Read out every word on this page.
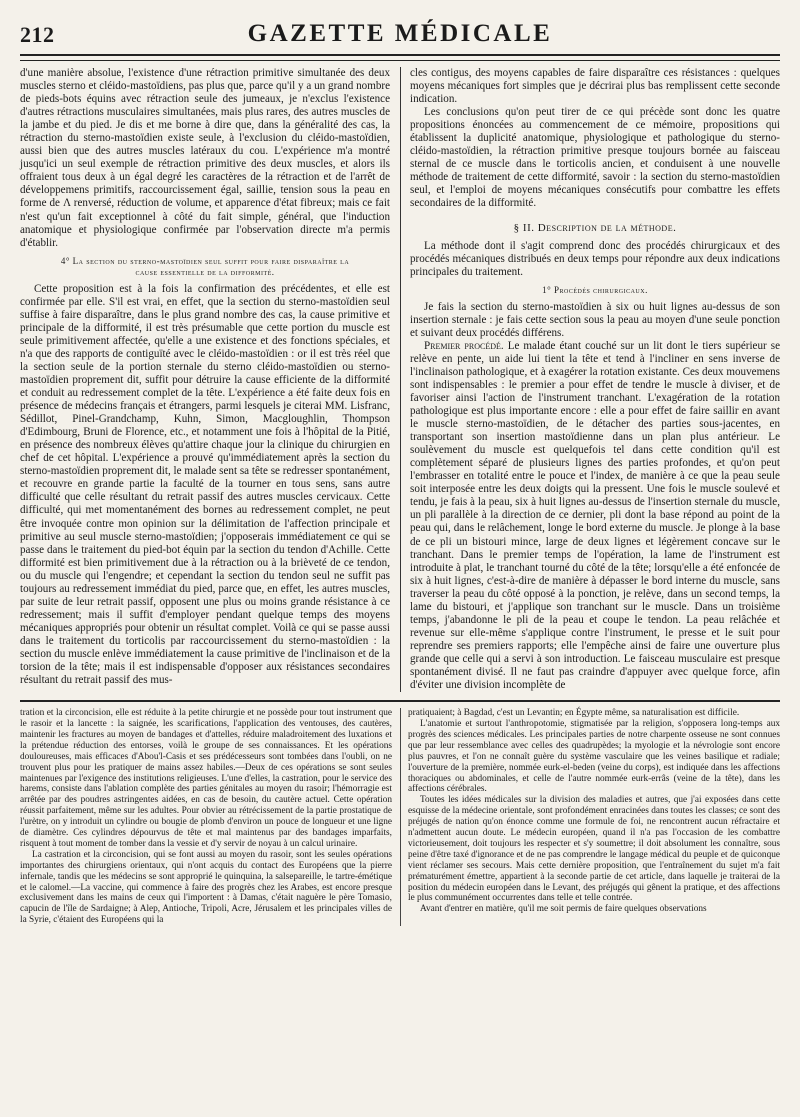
212	GAZETTE MÉDICALE

d'une manière absolue, l'existence d'une rétraction primitive simultanée des deux muscles sterno et cléido-mastoïdiens, pas plus que, parce qu'il y a un grand nombre de pieds-bots équins avec rétraction seule des jumeaux, je n'exclus l'existence d'autres rétractions musculaires simultanées, mais plus rares, des autres muscles de la jambe et du pied. Je dis et me borne à dire que, dans la généralité des cas, la rétraction du sterno-mastoïdien existe seule, à l'exclusion du cléido-mastoïdien, aussi bien que des autres muscles latéraux du cou. L'expérience m'a montré jusqu'ici un seul exemple de rétraction primitive des deux muscles, et alors ils offraient tous deux à un égal degré les caractères de la rétraction et de l'arrêt de développemens primitifs, raccourcissement égal, saillie, tension sous la peau en forme de Λ renversé, réduction de volume, et apparence d'état fibreux; mais ce fait n'est qu'un fait exceptionnel à côté du fait simple, général, que l'induction anatomique et physiologique confirmée par l'observation directe m'a permis d'établir.

4° La section du sterno-mastoïdien seul suffit pour faire disparaître la
cause essentielle de la difformité.

Cette proposition est à la fois la confirmation des précédentes, et elle est confirmée par elle. S'il est vrai, en effet, que la section du sterno-mastoïdien seul suffise à faire disparaître, dans le plus grand nombre des cas, la cause primitive et principale de la difformité, il est très présumable que cette portion du muscle est seule primitivement affectée, qu'elle a une existence et des fonctions spéciales, et n'a que des rapports de contiguïté avec le cléido-mastoïdien : or il est très réel que la section seule de la portion sternale du sterno cléido-mastoïdien ou sterno-mastoïdien proprement dit, suffit pour détruire la cause efficiente de la difformité et conduit au redressement complet de la tête. L'expérience a été faite deux fois en présence de médecins français et étrangers, parmi lesquels je citerai MM. Lisfranc, Sédillot, Pinel-Grandchamp, Kuhn, Simon, Macgloughlin, Thompson d'Edimbourg, Bruni de Florence, etc., et notamment une fois à l'hôpital de la Pitié, en présence des nombreux élèves qu'attire chaque jour la clinique du chirurgien en chef de cet hôpital. L'expérience a prouvé qu'immédiatement après la section du sterno-mastoïdien proprement dit, le malade sent sa tête se redresser spontanément, et recouvre en grande partie la faculté de la tourner en tous sens, sans autre difficulté que celle résultant du retrait passif des autres muscles cervicaux. Cette difficulté, qui met momentanément des bornes au redressement complet, ne peut être invoquée contre mon opinion sur la délimitation de l'affection principale et primitive au seul muscle sterno-mastoïdien; j'opposerais immédiatement ce qui se passe dans le traitement du pied-bot équin par la section du tendon d'Achille. Cette difformité est bien primitivement due à la rétraction ou à la brièveté de ce tendon, ou du muscle qui l'engendre; et cependant la section du tendon seul ne suffit pas toujours au redressement immédiat du pied, parce que, en effet, les autres muscles, par suite de leur retrait passif, opposent une plus ou moins grande résistance à ce redressement; mais il suffit d'employer pendant quelque temps des moyens mécaniques appropriés pour obtenir un résultat complet. Voilà ce qui se passe aussi dans le traitement du torticolis par raccourcissement du sterno-mastoïdien : la section du muscle enlève immédiatement la cause primitive de l'inclinaison et de la torsion de la tête; mais il est indispensable d'opposer aux résistances secondaires résultant du retrait passif des mus-

cles contigus, des moyens capables de faire disparaître ces résistances : quelques moyens mécaniques fort simples que je décrirai plus bas remplissent cette seconde indication.

Les conclusions qu'on peut tirer de ce qui précède sont donc les quatre propositions énoncées au commencement de ce mémoire, propositions qui établissent la duplicité anatomique, physiologique et pathologique du sterno-cléido-mastoïdien, la rétraction primitive presque toujours bornée au faisceau sternal de ce muscle dans le torticolis ancien, et conduisent à une nouvelle méthode de traitement de cette difformité, savoir : la section du sterno-mastoïdien seul, et l'emploi de moyens mécaniques consécutifs pour combattre les effets secondaires de la difformité.

§ II. Description de la méthode.

La méthode dont il s'agit comprend donc des procédés chirurgicaux et des procédés mécaniques distribués en deux temps pour répondre aux deux indications principales du traitement.

1° Procédés chirurgicaux.

Je fais la section du sterno-mastoïdien à six ou huit lignes au-dessus de son insertion sternale : je fais cette section sous la peau au moyen d'une seule ponction et suivant deux procédés différens.

Premier procédé. Le malade étant couché sur un lit dont le tiers supérieur se relève en pente, un aide lui tient la tête et tend à l'incliner en sens inverse de l'inclinaison pathologique, et à exagérer la rotation existante. Ces deux mouvemens sont indispensables : le premier a pour effet de tendre le muscle à diviser, et de favoriser ainsi l'action de l'instrument tranchant. L'exagération de la rotation pathologique est plus importante encore : elle a pour effet de faire saillir en avant le muscle sterno-mastoïdien, de le détacher des parties sous-jacentes, en transportant son insertion mastoïdienne dans un plan plus antérieur. Le soulèvement du muscle est quelquefois tel dans cette condition qu'il est complètement séparé de plusieurs lignes des parties profondes, et qu'on peut l'embrasser en totalité entre le pouce et l'index, de manière à ce que la peau seule soit interposée entre les deux doigts qui la pressent. Une fois le muscle soulevé et tendu, je fais à la peau, six à huit lignes au-dessus de l'insertion sternale du muscle, un pli parallèle à la direction de ce dernier, pli dont la base répond au point de la peau qui, dans le relâchement, longe le bord externe du muscle. Je plonge à la base de ce pli un bistouri mince, large de deux lignes et légèrement concave sur le tranchant. Dans le premier temps de l'opération, la lame de l'instrument est introduite à plat, le tranchant tourné du côté de la tête; lorsqu'elle a été enfoncée de six à huit lignes, c'est-à-dire de manière à dépasser le bord interne du muscle, sans traverser la peau du côté opposé à la ponction, je relève, dans un second temps, la lame du bistouri, et j'applique son tranchant sur le muscle. Dans un troisième temps, j'abandonne le pli de la peau et coupe le tendon. La peau relâchée et revenue sur elle-même s'applique contre l'instrument, le presse et le suit pour reprendre ses premiers rapports; elle l'empêche ainsi de faire une ouverture plus grande que celle qui a servi à son introduction. Le faisceau musculaire est presque spontanément divisé. Il ne faut pas craindre d'appuyer avec quelque force, afin d'éviter une division incomplète de

tration et la circoncision, elle est réduite à la petite chirurgie et ne possède pour tout instrument que le rasoir et la lancette : la saignée, les scarifications, l'application des ventouses, des cautères, maintenir les fractures au moyen de bandages et d'attelles, réduire maladroitement des luxations et la prétendue réduction des entorses, voilà le groupe de ses connaissances. Et les opérations douloureuses, mais efficaces d'Abou'l-Casis et ses prédécesseurs sont tombées dans l'oubli, on ne trouvent plus pour les pratiquer de mains assez habiles.—Deux de ces opérations se sont seules maintenues par l'exigence des institutions religieuses. L'une d'elles, la castration, pour le service des harems, consiste dans l'ablation complète des parties génitales au moyen du rasoir; l'hémorragie est arrêtée par des poudres astringentes aidées, en cas de besoin, du cautère actuel. Cette opération réussit parfaitement, même sur les adultes. Pour obvier au rétrécissement de la partie prostatique de l'urètre, on y introduit un cylindre ou bougie de plomb d'environ un pouce de longueur et une ligne de diamètre. Ces cylindres dépourvus de tête et mal maintenus par des bandages imparfaits, risquent à tout moment de tomber dans la vessie et d'y servir de noyau à un calcul urinaire.

La castration et la circoncision, qui se font aussi au moyen du rasoir, sont les seules opérations importantes des chirurgiens orientaux, qui n'ont acquis du contact des Européens que la pierre infernale, tandis que les médecins se sont approprié le quinquina, la salsepareille, le tartre-émétique et le calomel.—La vaccine, qui commence à faire des progrès chez les Arabes, est encore presque exclusivement dans les mains de ceux qui l'importent : à Damas, c'était naguère le père Tomasio, capucin de l'île de Sardaigne; à Alep, Antioche, Tripoli, Acre, Jérusalem et les principales villes de la Syrie, c'étaient des Européens qui la

pratiquaient; à Bagdad, c'est un Levantin; en Égypte même, sa naturalisation est difficile.

L'anatomie et surtout l'anthropotomie, stigmatisée par la religion, s'opposera long-temps aux progrès des sciences médicales. Les principales parties de notre charpente osseuse ne sont connues que par leur ressemblance avec celles des quadrupèdes; la myologie et la névrologie sont encore plus pauvres, et l'on ne connaît guère du système vasculaire que les veines basilique et radiale; l'ouverture de la première, nommée eurk-el-beden (veine du corps), est indiquée dans les affections thoraciques ou abdominales, et celle de l'autre nommée eurk-errâs (veine de la tête), dans les affections cérébrales.

Toutes les idées médicales sur la division des maladies et autres, que j'ai exposées dans cette esquisse de la médecine orientale, sont profondément enracinées dans toutes les classes; ce sont des préjugés de nation qu'on énonce comme une formule de foi, ne rencontrent aucun réfractaire et n'admettent aucun doute. Le médecin européen, quand il n'a pas l'occasion de les combattre victorieusement, doit toujours les respecter et s'y soumettre; il doit absolument les connaître, sous peine d'être taxé d'ignorance et de ne pas comprendre le langage médical du peuple et de quiconque vient réclamer ses secours. Mais cette dernière proposition, que l'entraînement du sujet m'a fait prématurément émettre, appartient à la seconde partie de cet article, dans laquelle je traiterai de la position du médecin européen dans le Levant, des préjugés qui gênent la pratique, et des affections le plus communément occurrentes dans telle et telle contrée.

Avant d'entrer en matière, qu'il me soit permis de faire quelques observations
